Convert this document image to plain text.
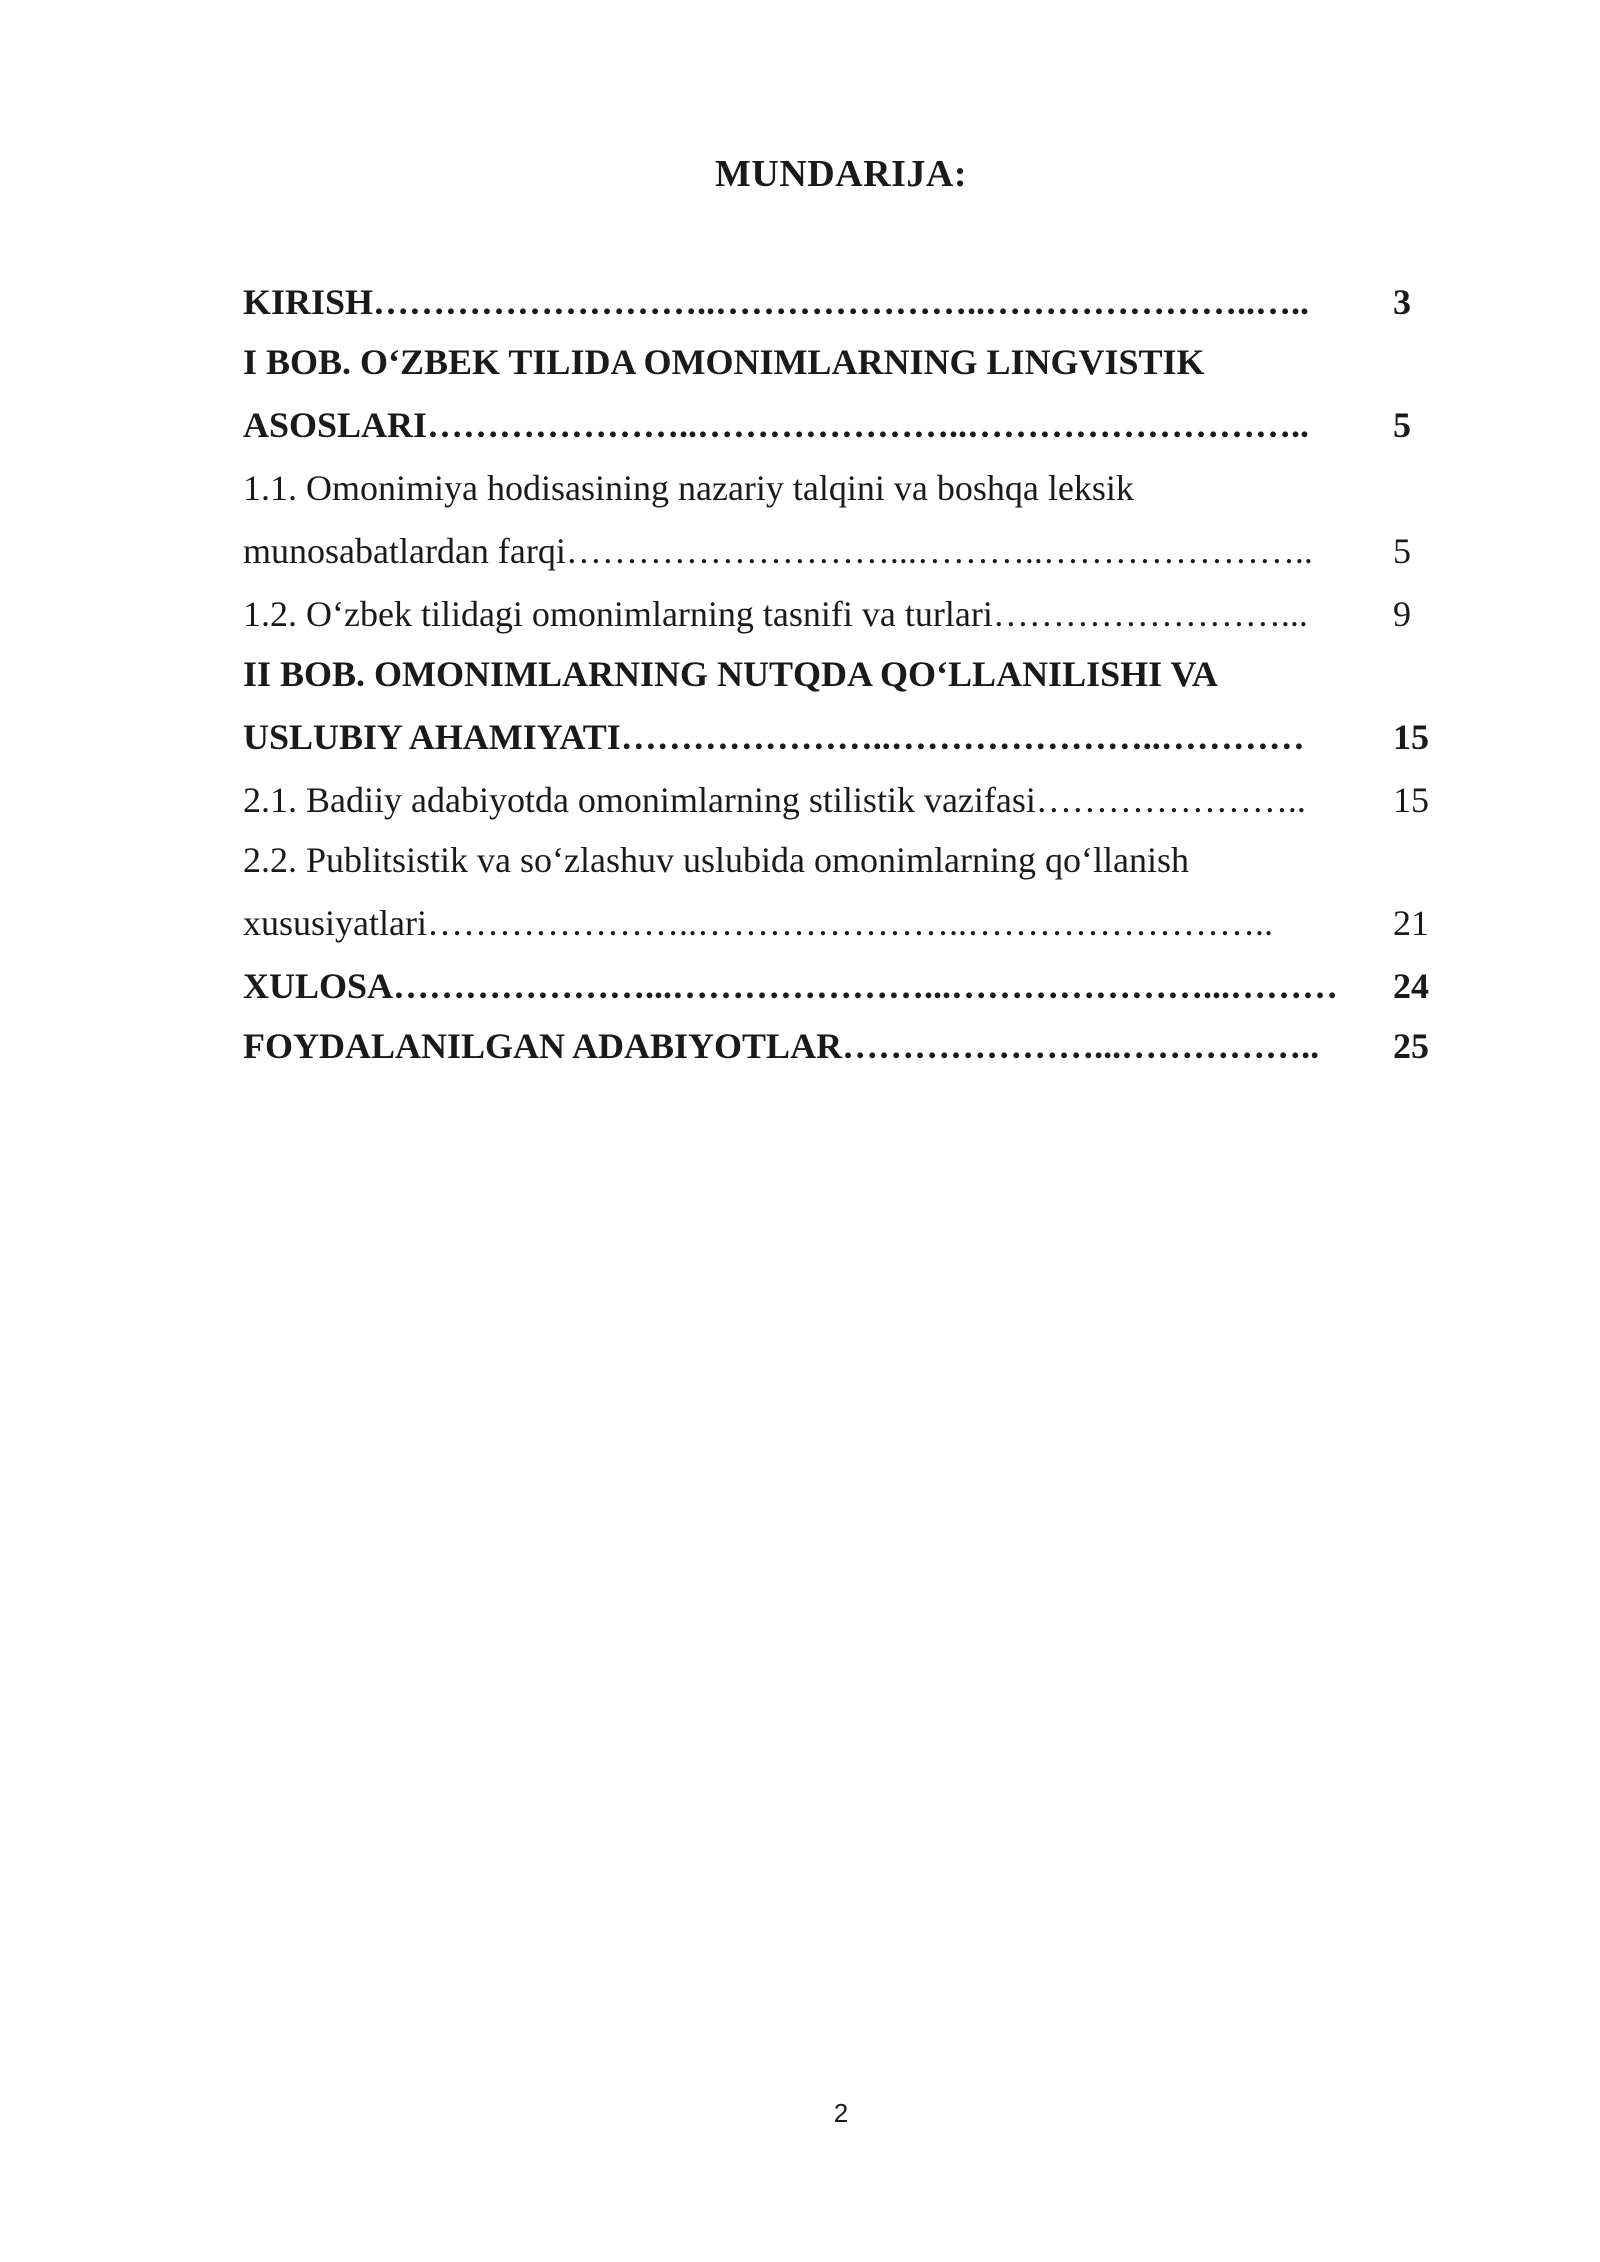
MUNDARIJA:
KIRISH………………………..…………………..…………………..…..	3
I BOB. O‘ZBEK TILIDA OMONIMLARNING LINGVISTIK
ASOSLARI…………………..…………………..………………………..	5
1.1. Omonimiya hodisasining nazariy talqini va boshqa leksik
munosabatlardan farqi………………………...………..…………………..	5
1.2. O‘zbek tilidagi omonimlarning tasnifi va turlari……………………...	9
II BOB. OMONIMLARNING NUTQDA QO‘LLANILISHI VA
USLUBIY AHAMIYATI…………………..…………………..…………	15
2.1. Badiiy adabiyotda omonimlarning stilistik vazifasi…………………..	15
2.2. Publitsistik va so‘zlashuv uslubida omonimlarning qo‘llanish
xususiyatlari…………………..…………………..……………………..	21
XULOSA…………………...…………………...…………………...………	24
FOYDALANILGAN ADABIYOTLAR…………………...……………..	25
2
